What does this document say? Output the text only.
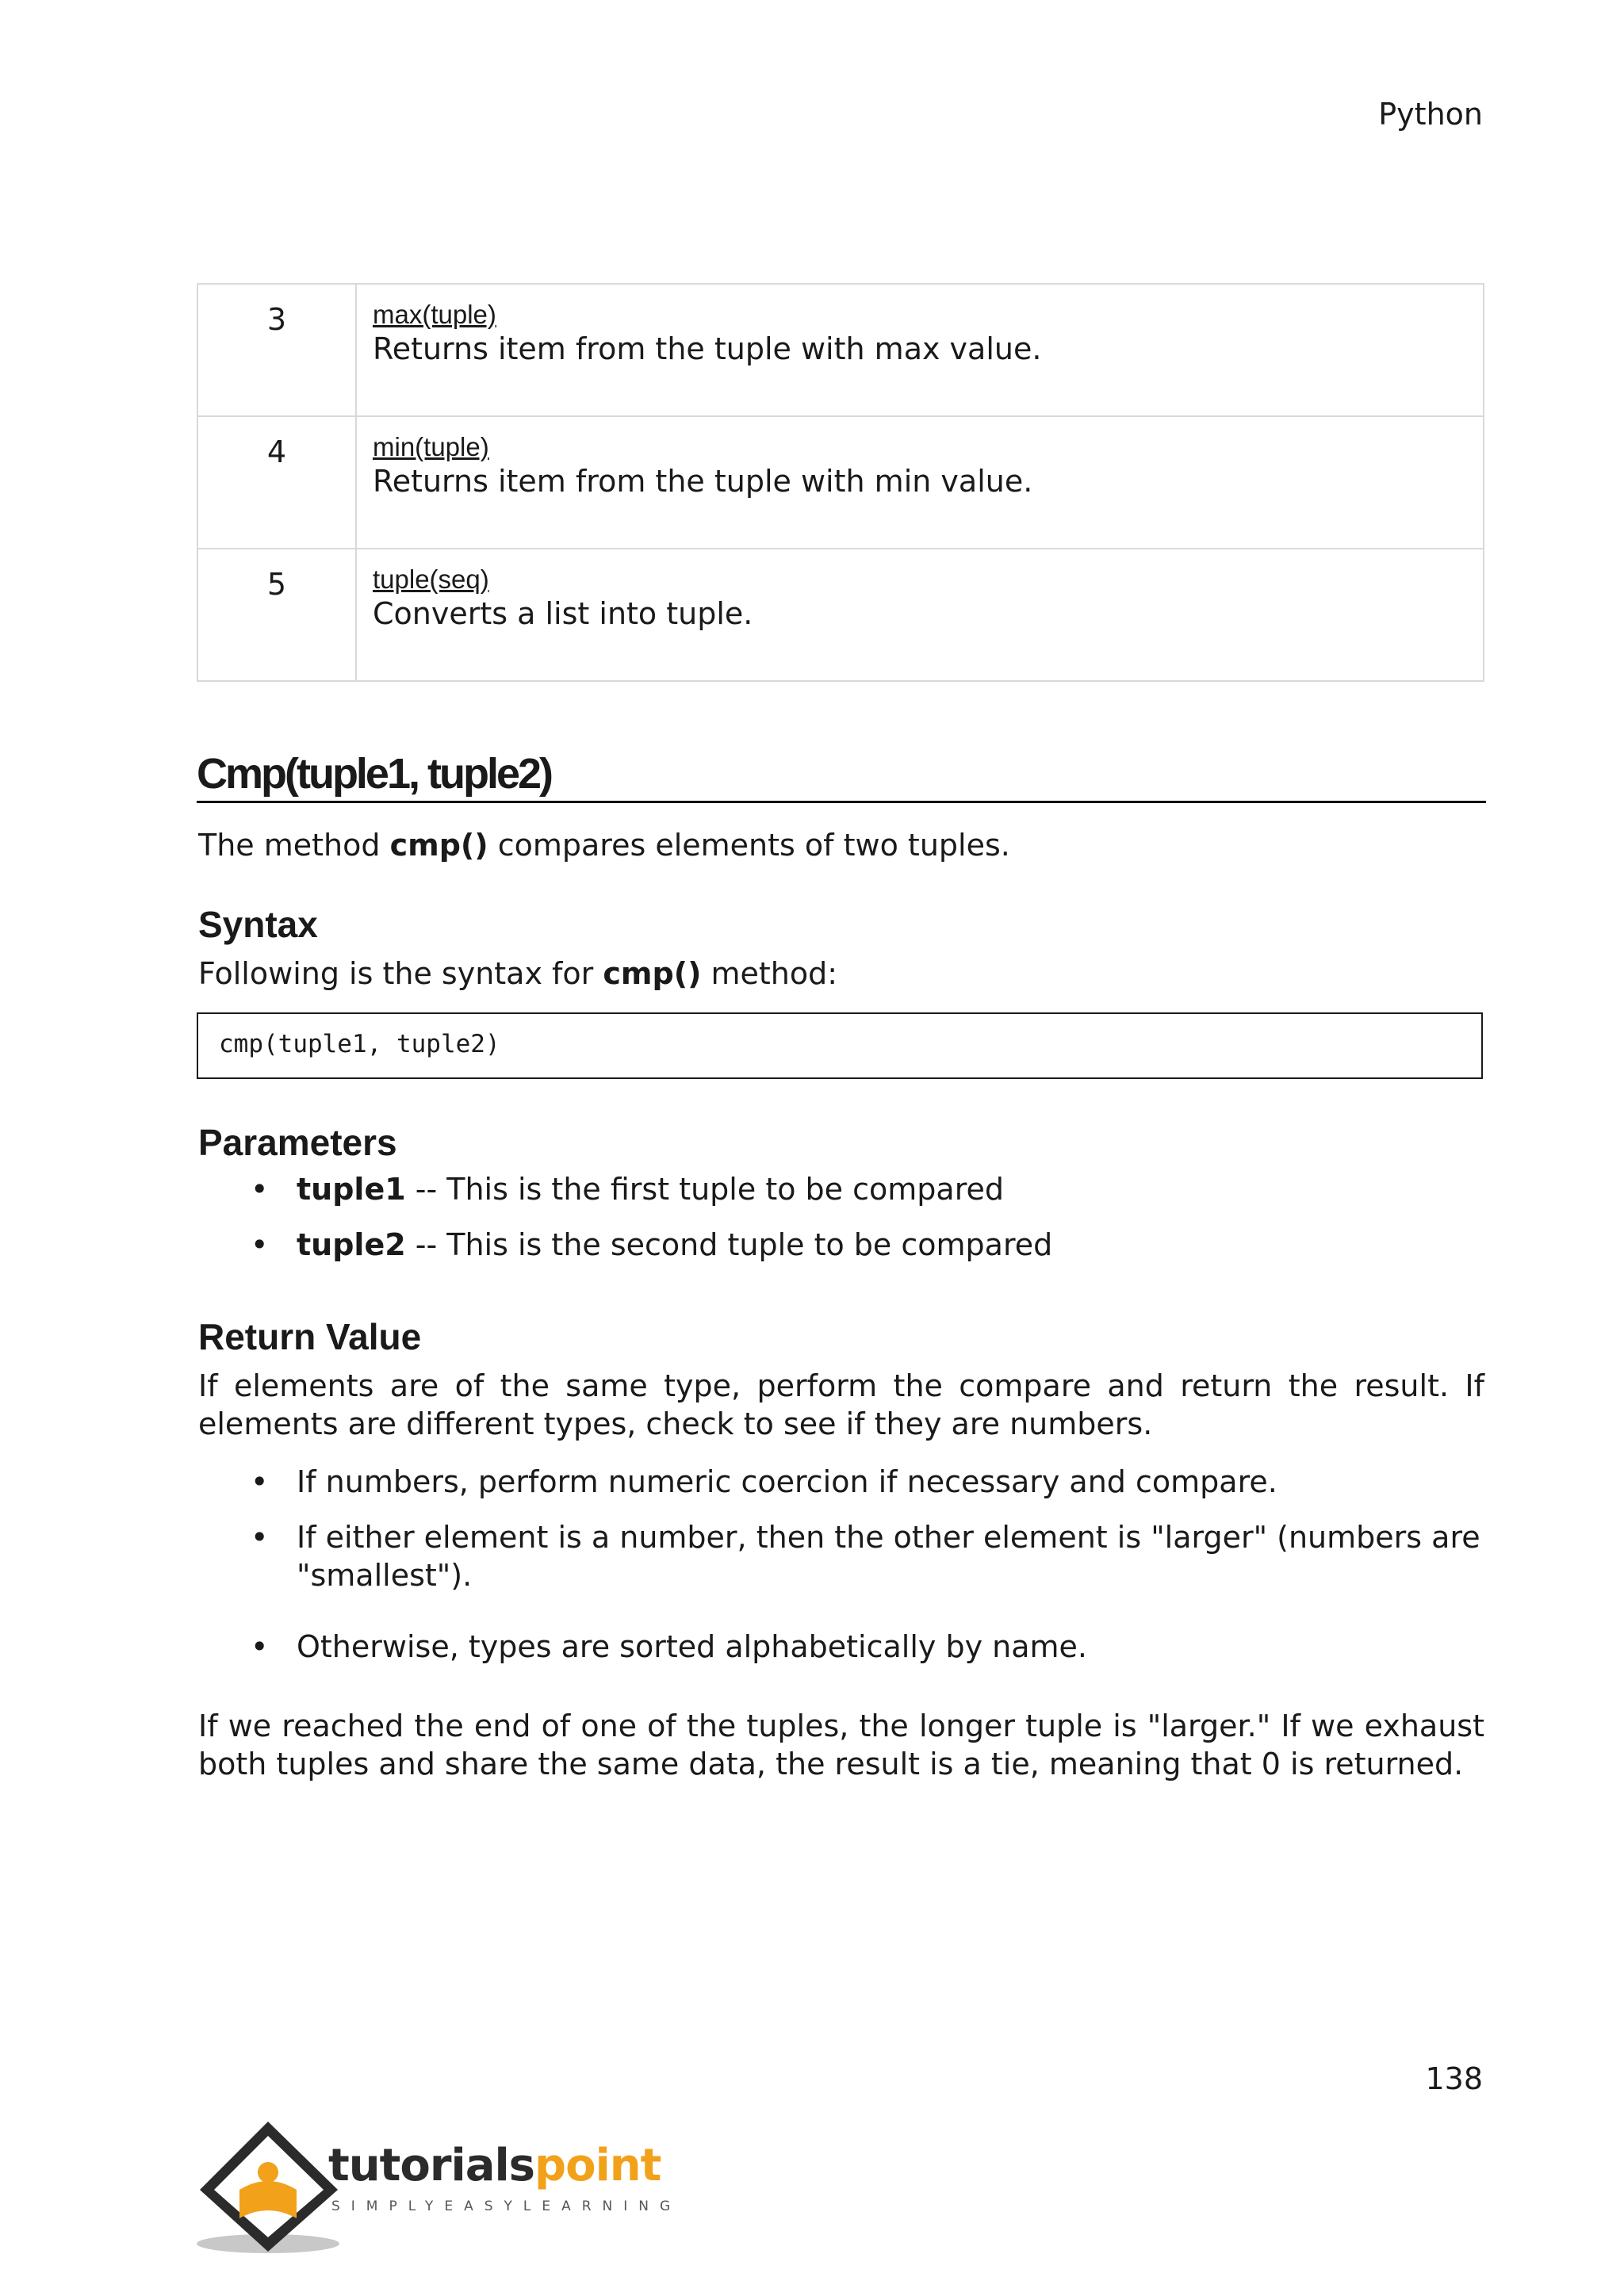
Python
3	max(tuple)
Returns item from the tuple with max value.

4	min(tuple)
Returns item from the tuple with min value.

5	tuple(seq)
Converts a list into tuple.
Cmp(tuple1, tuple2)

The method cmp() compares elements of two tuples.

Syntax

Following is the syntax for cmp() method:

cmp(tuple1, tuple2)
Parameters
• tuple1 -- This is the first tuple to be compared
• tuple2 -- This is the second tuple to be compared
Return Value

If elements are of the same type, perform the compare and return the result. If elements are different types, check to see if they are numbers.

• If numbers, perform numeric coercion if necessary and compare.
• If either element is a number, then the other element is "larger" (numbers are "smallest").
• Otherwise, types are sorted alphabetically by name.

If we reached the end of one of the tuples, the longer tuple is "larger." If we exhaust both tuples and share the same data, the result is a tie, meaning that 0 is returned.

138
tutorialspoint
SIMPLYEASYLEARNING
